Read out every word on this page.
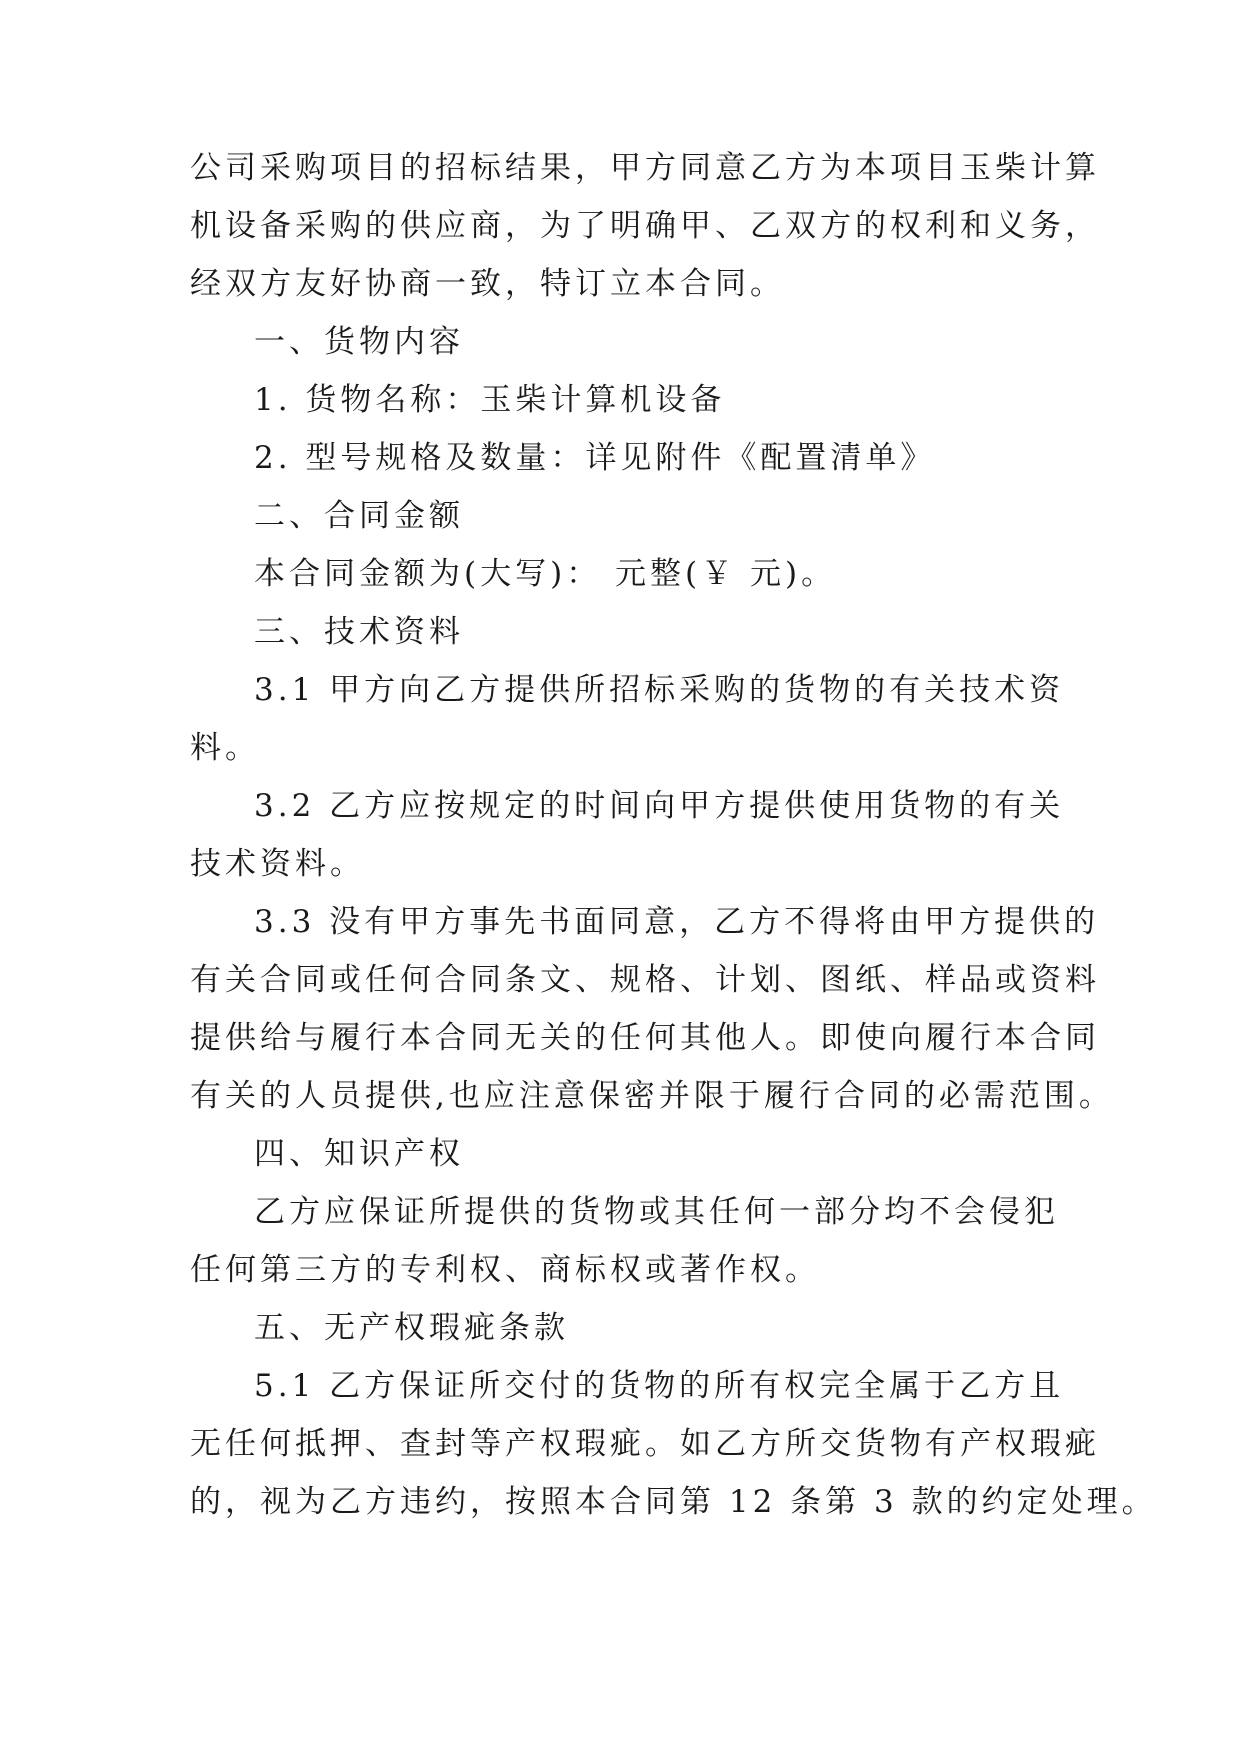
公司采购项目的招标结果，甲方同意乙方为本项目玉柴计算
机设备采购的供应商，为了明确甲、乙双方的权利和义务，
经双方友好协商一致，特订立本合同。
一、货物内容
1. 货物名称：玉柴计算机设备
2. 型号规格及数量：详见附件《配置清单》
二、合同金额
本合同金额为(大写)： 元整(￥ 元)。
三、技术资料
3.1 甲方向乙方提供所招标采购的货物的有关技术资
料。
3.2 乙方应按规定的时间向甲方提供使用货物的有关
技术资料。
3.3 没有甲方事先书面同意，乙方不得将由甲方提供的
有关合同或任何合同条文、规格、计划、图纸、样品或资料
提供给与履行本合同无关的任何其他人。即使向履行本合同
有关的人员提供,也应注意保密并限于履行合同的必需范围。
四、知识产权
乙方应保证所提供的货物或其任何一部分均不会侵犯
任何第三方的专利权、商标权或著作权。
五、无产权瑕疵条款
5.1 乙方保证所交付的货物的所有权完全属于乙方且
无任何抵押、查封等产权瑕疵。如乙方所交货物有产权瑕疵
的，视为乙方违约，按照本合同第 12 条第 3 款的约定处理。
